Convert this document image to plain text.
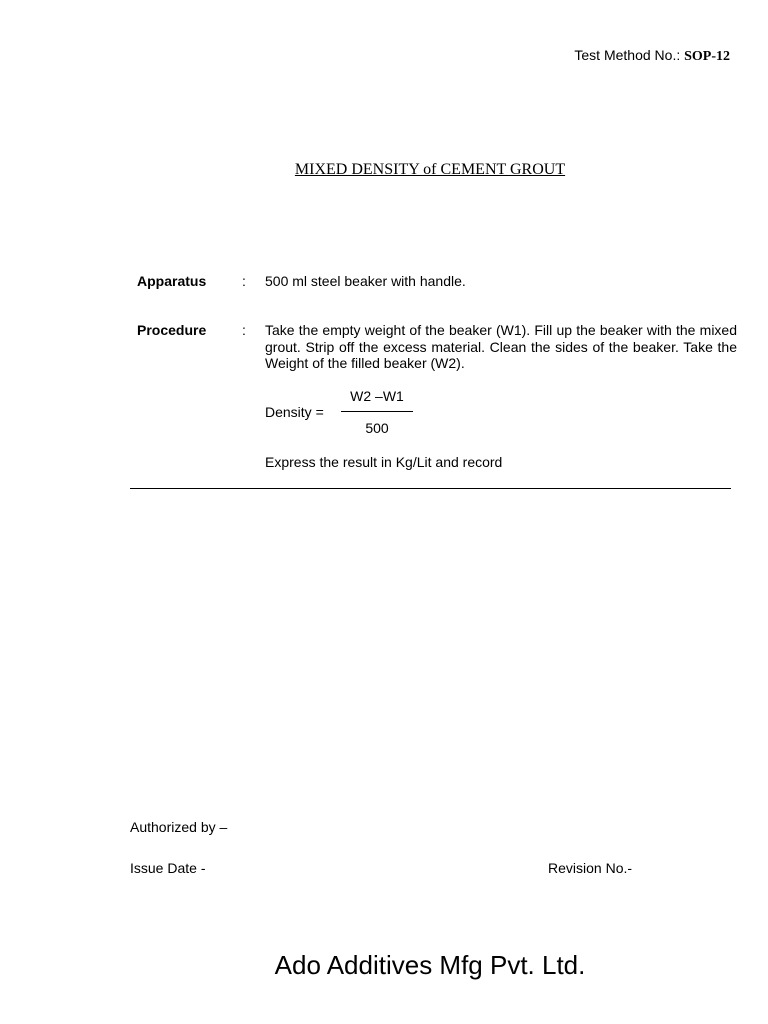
Test Method No.: SOP-12
MIXED DENSITY of CEMENT GROUT
Apparatus	: 500 ml steel beaker with handle.
Procedure	: Take the empty weight of the beaker (W1). Fill up the beaker with the mixed grout. Strip off the excess material. Clean the sides of the beaker. Take the Weight of the filled beaker (W2).
Density =
W2 –W1
500
Express the result in Kg/Lit and record
Authorized by –
Issue Date -	Revision No.-
Ado Additives Mfg Pvt. Ltd.
